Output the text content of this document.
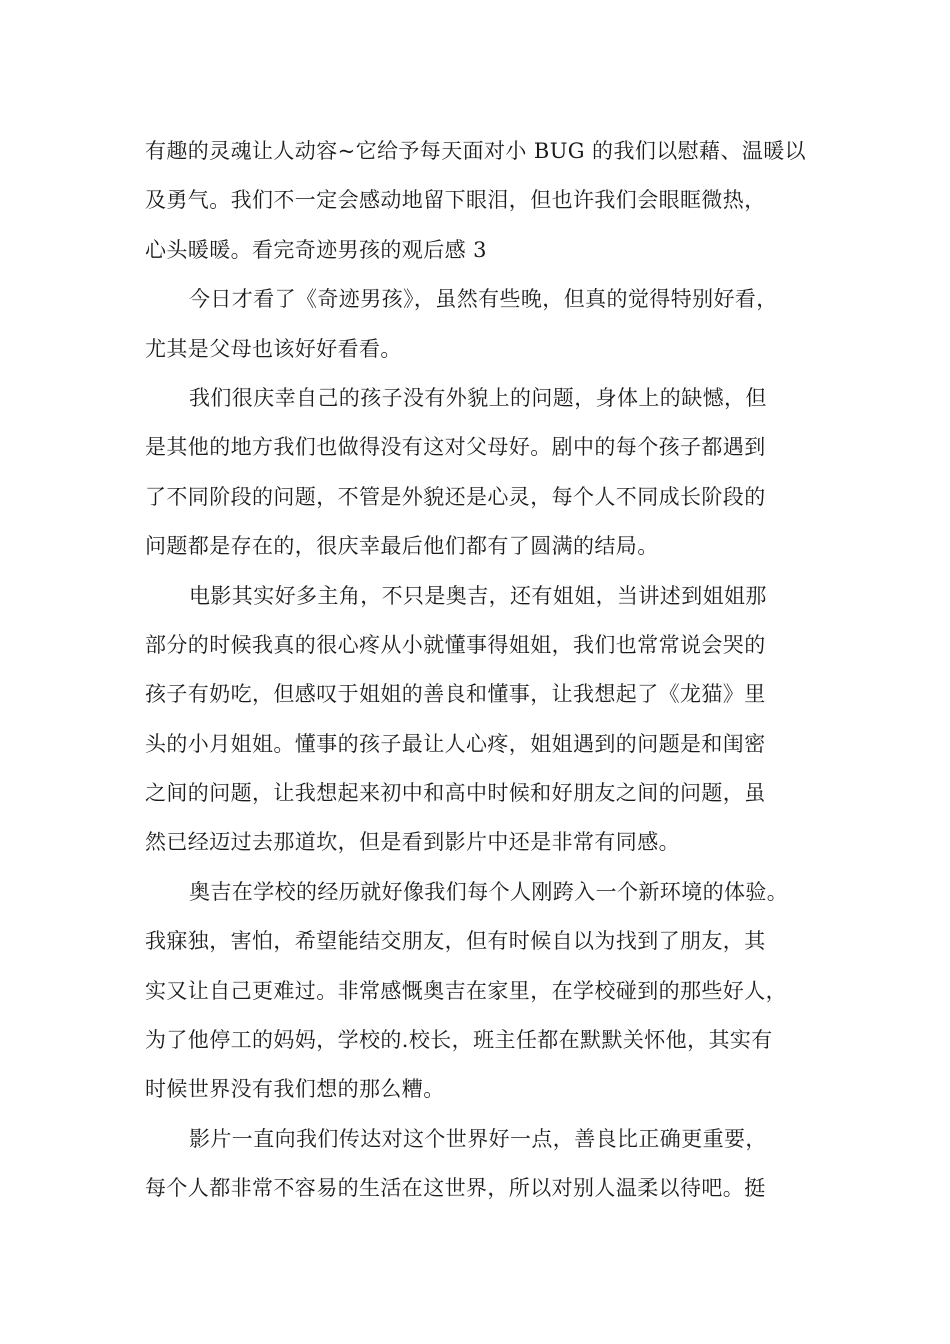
有趣的灵魂让人动容~它给予每天面对小 BUG 的我们以慰藉、温暖以
及勇气。我们不一定会感动地留下眼泪，但也许我们会眼眶微热，
心头暖暖。看完奇迹男孩的观后感 3
今日才看了《奇迹男孩》，虽然有些晚，但真的觉得特别好看，
尤其是父母也该好好看看。
我们很庆幸自己的孩子没有外貌上的问题，身体上的缺憾，但
是其他的地方我们也做得没有这对父母好。剧中的每个孩子都遇到
了不同阶段的问题，不管是外貌还是心灵，每个人不同成长阶段的
问题都是存在的，很庆幸最后他们都有了圆满的结局。
电影其实好多主角，不只是奥吉，还有姐姐，当讲述到姐姐那
部分的时候我真的很心疼从小就懂事得姐姐，我们也常常说会哭的
孩子有奶吃，但感叹于姐姐的善良和懂事，让我想起了《龙猫》里
头的小月姐姐。懂事的孩子最让人心疼，姐姐遇到的问题是和闺密
之间的问题，让我想起来初中和高中时候和好朋友之间的问题，虽
然已经迈过去那道坎，但是看到影片中还是非常有同感。
奥吉在学校的经历就好像我们每个人刚跨入一个新环境的体验。
我寐独，害怕，希望能结交朋友，但有时候自以为找到了朋友，其
实又让自己更难过。非常感慨奥吉在家里，在学校碰到的那些好人，
为了他停工的妈妈，学校的.校长，班主任都在默默关怀他，其实有
时候世界没有我们想的那么糟。
影片一直向我们传达对这个世界好一点，善良比正确更重要，
每个人都非常不容易的生活在这世界，所以对别人温柔以待吧。挺
